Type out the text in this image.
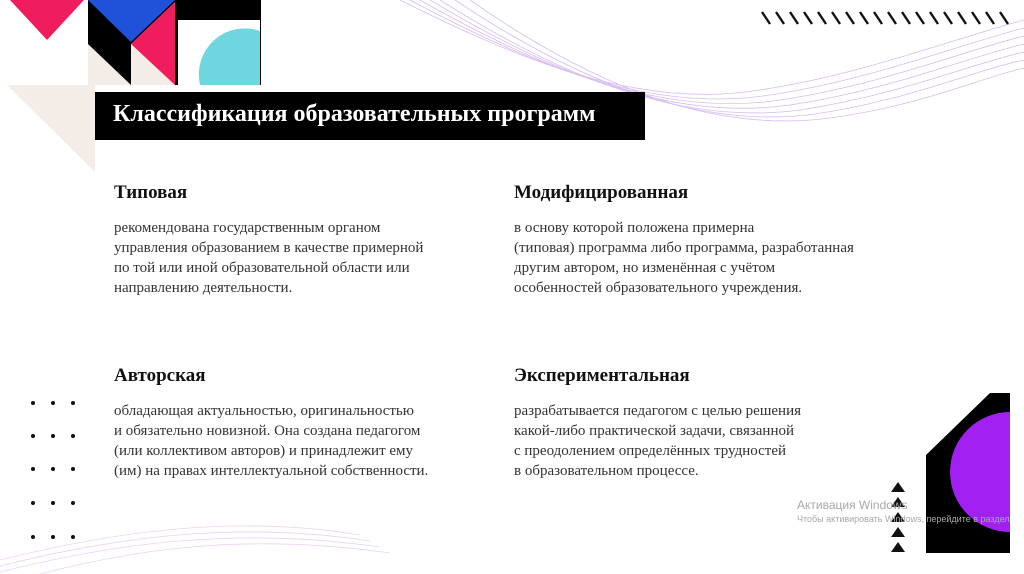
Классификация образовательных программ
Типовая
рекомендована государственным органом
управления образованием в качестве примерной
по той или иной образовательной области или
направлению деятельности.
Модифицированная
в основу которой положена примерна
(типовая) программа либо программа, разработанная
другим автором, но изменённая с учётом
особенностей образовательного учреждения.
Авторская
обладающая актуальностью, оригинальностью
и обязательно новизной. Она создана педагогом
(или коллективом авторов) и принадлежит ему
(им) на правах интеллектуальной собственности.
Экспериментальная
разрабатывается педагогом с целью решения
какой-либо практической задачи, связанной
с преодолением определённых трудностей
в образовательном процессе.
Активация Windows
Чтобы активировать Windows, перейдите в раздел
